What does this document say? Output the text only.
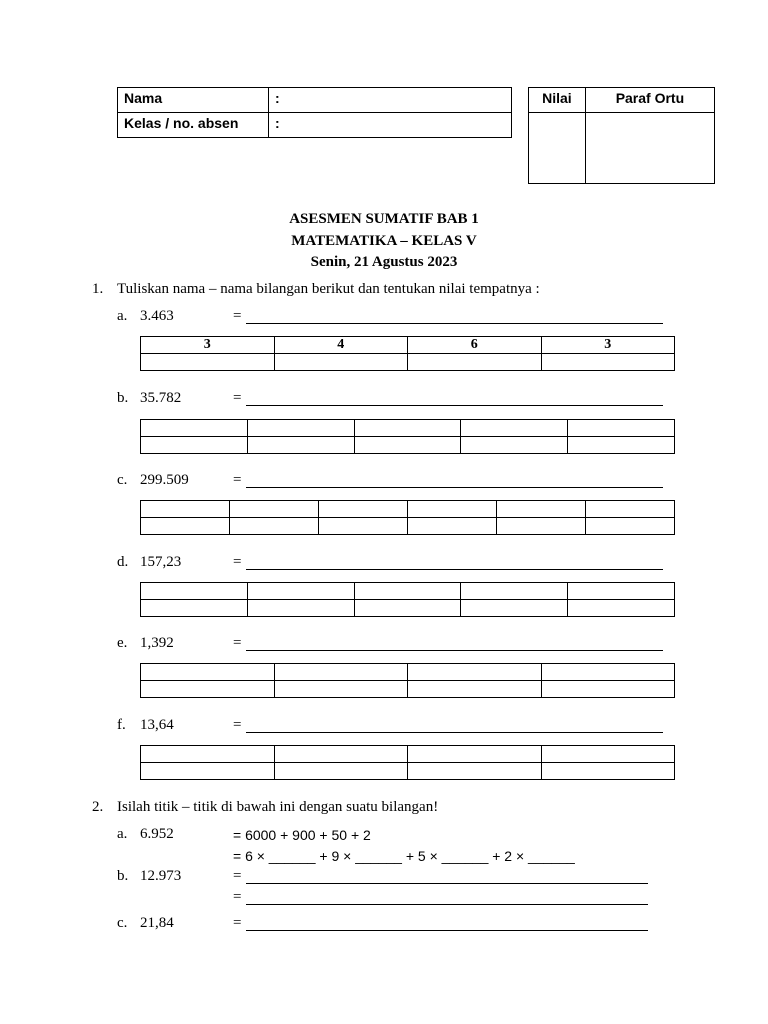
Nama	:
Kelas / no. absen	:
Nilai	Paraf Ortu

ASESMEN SUMATIF BAB 1
MATEMATIKA – KELAS V
Senin, 21 Agustus 2023
1. Tuliskan nama – nama bilangan berikut dan tentukan nilai tempatnya :
a. 3.463	=
3	4	6	3

b. 35.782	=

c. 299.509	=

d. 157,23	=

e. 1,392	=

f. 13,64	=

2. Isilah titik – titik di bawah ini dengan suatu bilangan!
a. 6.952	= 6000 + 900 + 50 + 2
= 6 × ______ + 9 × ______ + 5 × ______ + 2 × ______
b. 12.973	=
=
c. 21,84	=
